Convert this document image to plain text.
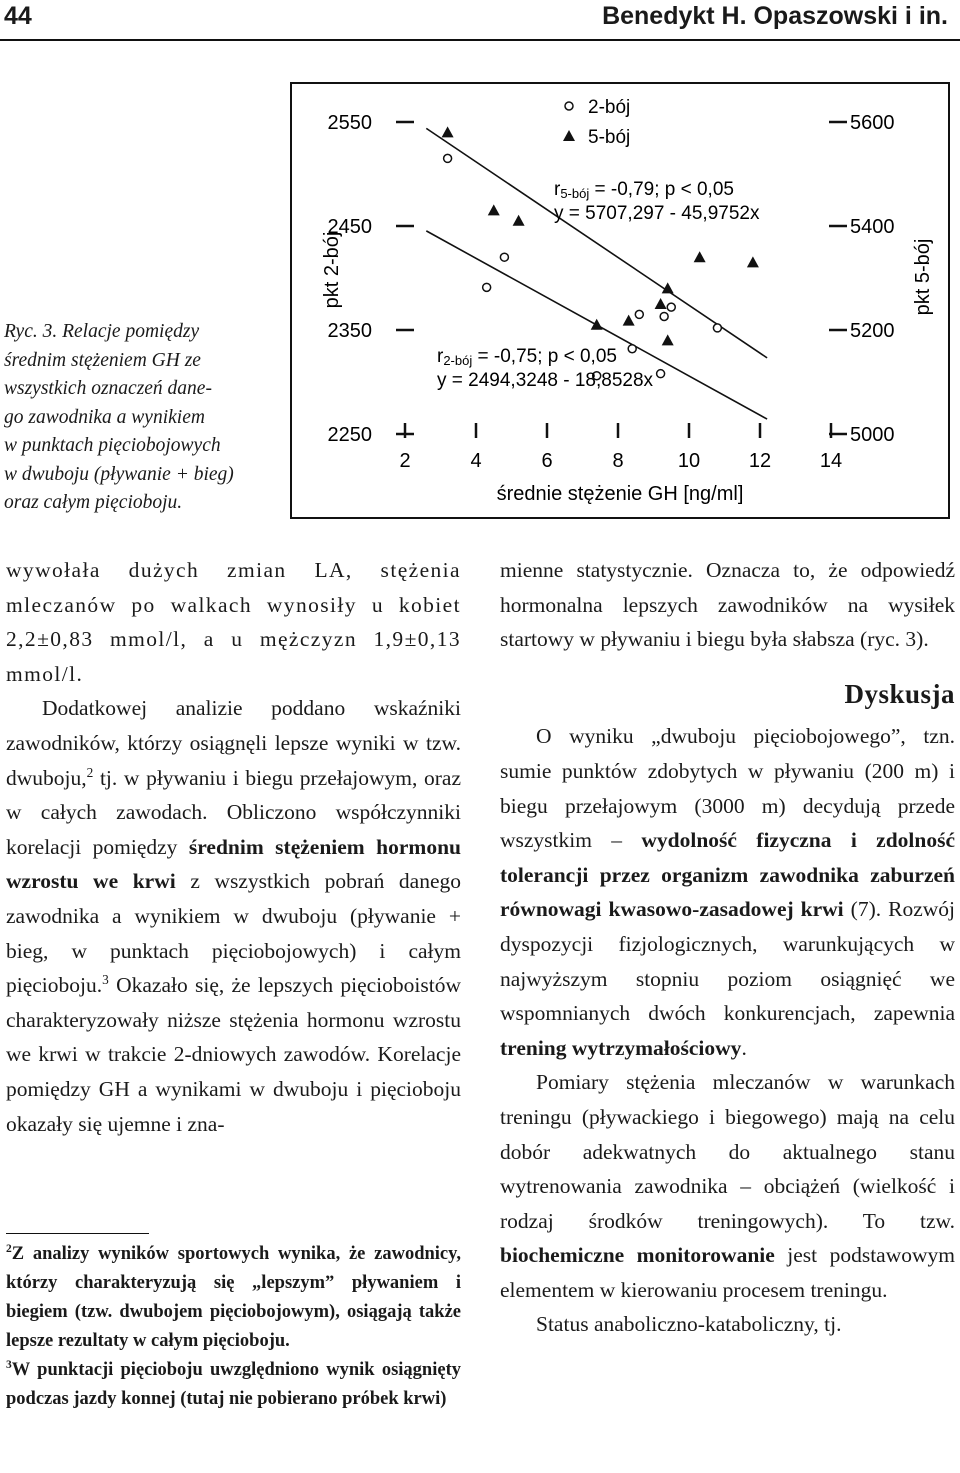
44	Benedykt H. Opaszowski i in.
Ryc. 3. Relacje pomiędzy
średnim stężeniem GH ze
wszystkich oznaczeń dane-
go zawodnika a wynikiem
w punktach pięciobojowych
w dwuboju (pływanie + bieg)
oraz całym pięcioboju.
2250
2350
2450
2550
5000
5200
5400
5600
2	4	6	8	10 12 14
średnie stężenie GH [ng/ml]
pkt 2-bój	pkt 5-bój
2-bój
5-bój
r5-bój = -0,79; p < 0,05
y = 5707,297 - 45,9752x
r2-bój = -0,75; p < 0,05
y = 2494,3248 - 18,8528x

wywołała dużych zmian LA, stężenia mleczanów po walkach wynosiły u kobiet 2,2±0,83 mmol/l, a u mężczyzn 1,9±0,13 mmol/l.

Dodatkowej analizie poddano wskaźniki zawodników, którzy osiągnęli lepsze wyniki w tzw. dwuboju,$^2$ tj. w pływaniu i biegu przełajowym, oraz w całych zawodach. Obliczono współczynniki korelacji pomiędzy średnim stężeniem hormonu wzrostu we krwi z wszystkich pobrań danego zawodnika a wynikiem w dwuboju (pływanie + bieg, w punktach pięciobojowych) i całym pięcioboju.$^3$ Okazało się, że lepszych pięcioboistów charakteryzowały niższe stężenia hormonu wzrostu we krwi w trakcie 2-dniowych zawodów. Korelacje pomiędzy GH a wynikami w dwuboju i pięcioboju okazały się ujemne i zna-

mienne statystycznie. Oznacza to, że odpowiedź hormonalna lepszych zawodników na wysiłek startowy w pływaniu i biegu była słabsza (ryc. 3).

Dyskusja

O wyniku „dwuboju pięciobojowego”, tzn. sumie punktów zdobytych w pływaniu (200 m) i biegu przełajowym (3000 m) decydują przede wszystkim – wydolność fizyczna i zdolność tolerancji przez organizm zawodnika zaburzeń równowagi kwasowo-zasadowej krwi (7). Rozwój dyspozycji fizjologicznych, warunkujących w najwyższym stopniu poziom osiągnięć we wspomnianych dwóch konkurencjach, zapewnia trening wytrzymałościowy.

Pomiary stężenia mleczanów w warunkach treningu (pływackiego i biegowego) mają na celu dobór adekwatnych do aktualnego stanu wytrenowania zawodnika – obciążeń (wielkość i rodzaj środków treningowych). To tzw. biochemiczne monitorowanie jest podstawowym elementem w kierowaniu procesem treningu.

Status anaboliczno-kataboliczny, tj.

$^2$Z analizy wyników sportowych wynika, że zawodnicy, którzy charakteryzują się „lepszym” pływaniem i biegiem (tzw. dwubojem pięciobojowym), osiągają także lepsze rezultaty w całym pięcioboju.

$^3$W punktacji pięcioboju uwzględniono wynik osiągnięty podczas jazdy konnej (tutaj nie pobierano próbek krwi)
